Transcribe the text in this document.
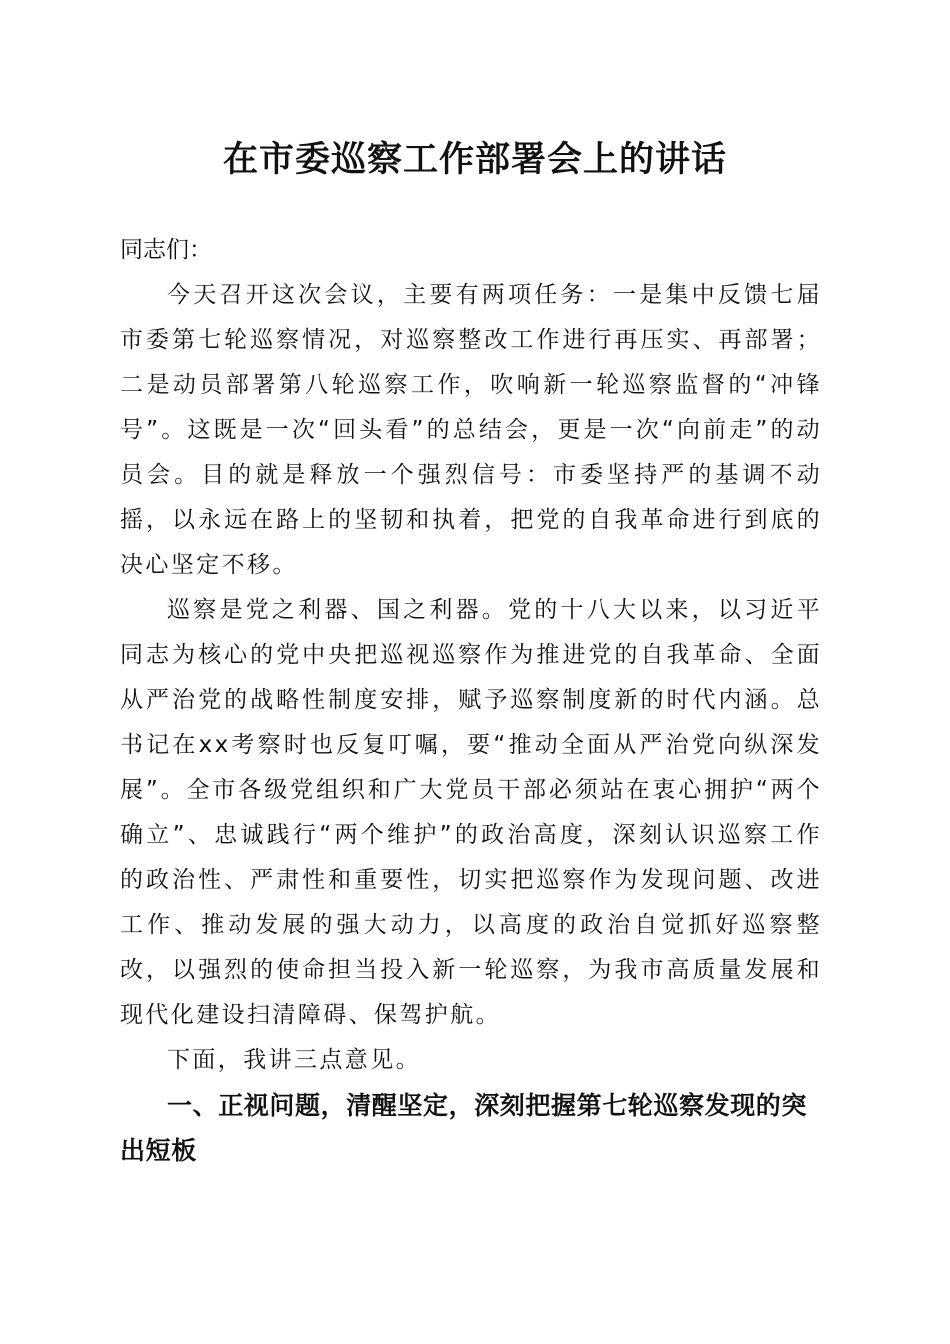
在市委巡察工作部署会上的讲话

同志们：

今天召开这次会议，主要有两项任务：一是集中反馈七届市委第七轮巡察情况，对巡察整改工作进行再压实、再部署；二是动员部署第八轮巡察工作，吹响新一轮巡察监督的“冲锋号”。这既是一次“回头看”的总结会，更是一次“向前走”的动员会。目的就是释放一个强烈信号：市委坚持严的基调不动摇，以永远在路上的坚韧和执着，把党的自我革命进行到底的决心坚定不移。

巡察是党之利器、国之利器。党的十八大以来，以习近平同志为核心的党中央把巡视巡察作为推进党的自我革命、全面从严治党的战略性制度安排，赋予巡察制度新的时代内涵。总书记在xx考察时也反复叮嘱，要“推动全面从严治党向纵深发展”。全市各级党组织和广大党员干部必须站在衷心拥护“两个确立”、忠诚践行“两个维护”的政治高度，深刻认识巡察工作的政治性、严肃性和重要性，切实把巡察作为发现问题、改进工作、推动发展的强大动力，以高度的政治自觉抓好巡察整改，以强烈的使命担当投入新一轮巡察，为我市高质量发展和现代化建设扫清障碍、保驾护航。

下面，我讲三点意见。

一、正视问题，清醒坚定，深刻把握第七轮巡察发现的突出短板
